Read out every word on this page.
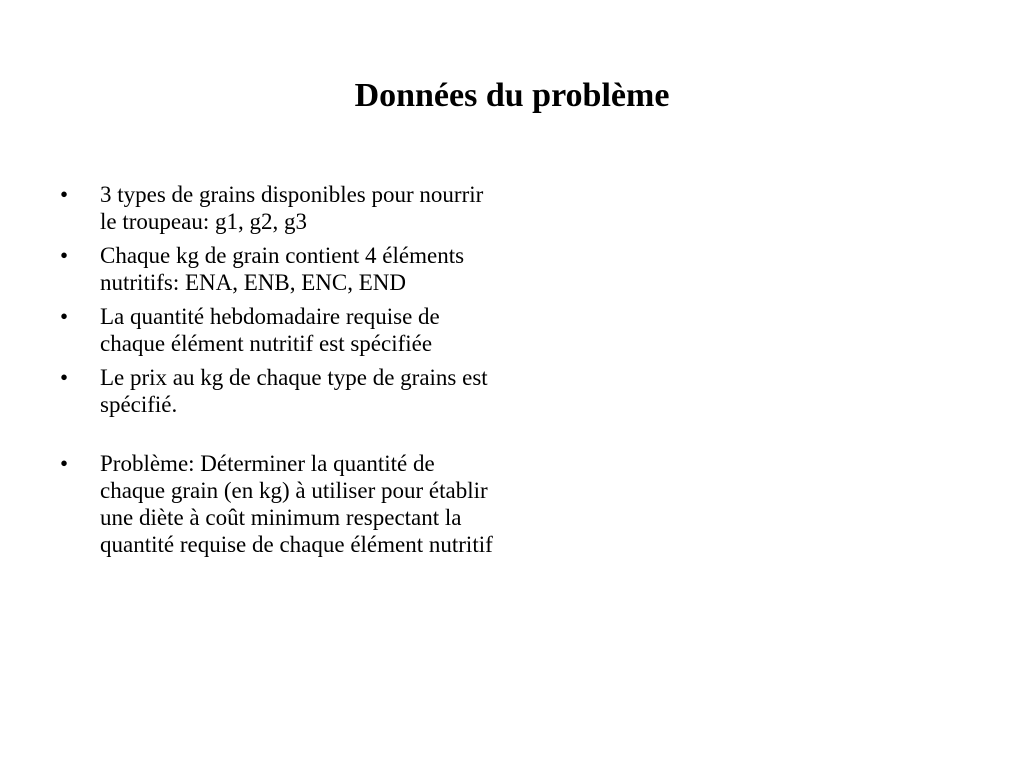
Données du problème
•	3 types de grains disponibles pour nourrir le troupeau: g1, g2, g3
•	Chaque kg de grain contient 4 éléments nutritifs: ENA, ENB, ENC, END
•	La quantité hebdomadaire requise de chaque élément nutritif est spécifiée
•	Le prix au kg de chaque type de grains est spécifié.
•	Problème: Déterminer la quantité de chaque grain (en kg) à utiliser pour établir une diète à coût minimum respectant la quantité requise de chaque élément nutritif
